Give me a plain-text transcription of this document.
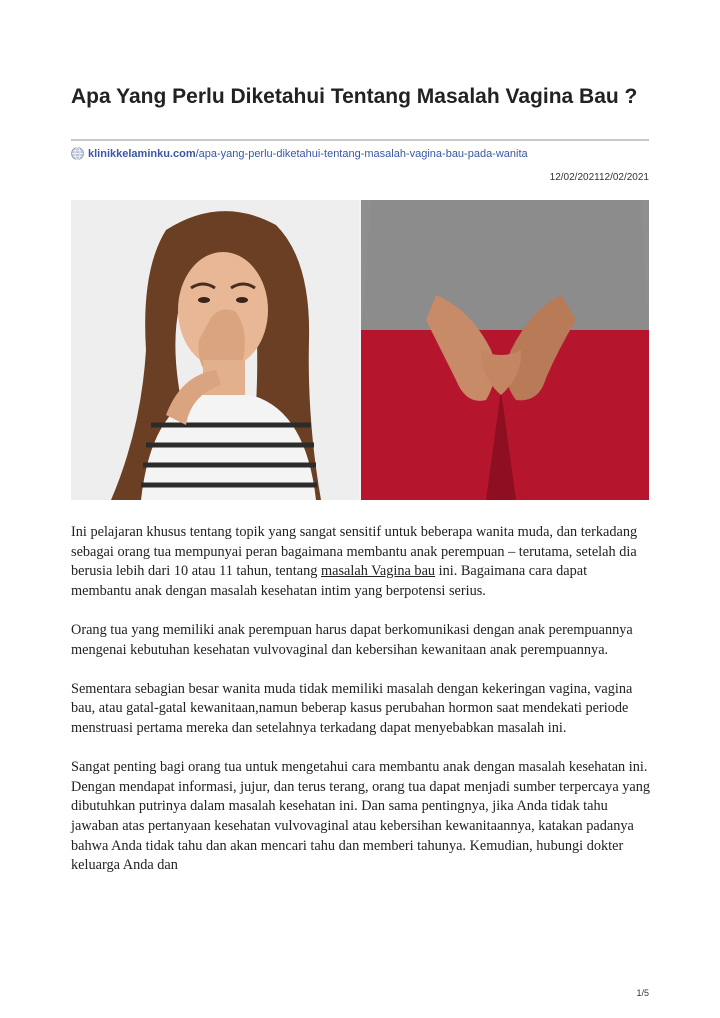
Apa Yang Perlu Diketahui Tentang Masalah Vagina Bau ?
klinikkelaminku.com/apa-yang-perlu-diketahui-tentang-masalah-vagina-bau-pada-wanita
12/02/202112/02/2021

Ini pelajaran khusus tentang topik yang sangat sensitif untuk beberapa wanita muda, dan terkadang sebagai orang tua mempunyai peran bagaimana membantu anak perempuan – terutama, setelah dia berusia lebih dari 10 atau 11 tahun, tentang masalah Vagina bau ini. Bagaimana cara dapat membantu anak dengan masalah kesehatan intim yang berpotensi serius.

Orang tua yang memiliki anak perempuan harus dapat berkomunikasi dengan anak perempuannya mengenai kebutuhan kesehatan vulvovaginal dan kebersihan kewanitaan anak perempuannya.

Sementara sebagian besar wanita muda tidak memiliki masalah dengan kekeringan vagina, vagina bau, atau gatal-gatal kewanitaan,namun beberap kasus perubahan hormon saat mendekati periode menstruasi pertama mereka dan setelahnya terkadang dapat menyebabkan masalah ini.

Sangat penting bagi orang tua untuk mengetahui cara membantu anak dengan masalah kesehatan ini. Dengan mendapat informasi, jujur, dan terus terang, orang tua dapat menjadi sumber terpercaya yang dibutuhkan putrinya dalam masalah kesehatan ini. Dan sama pentingnya, jika Anda tidak tahu jawaban atas pertanyaan kesehatan vulvovaginal atau kebersihan kewanitaannya, katakan padanya bahwa Anda tidak tahu dan akan mencari tahu dan memberi tahunya. Kemudian, hubungi dokter keluarga Anda dan

1/5
